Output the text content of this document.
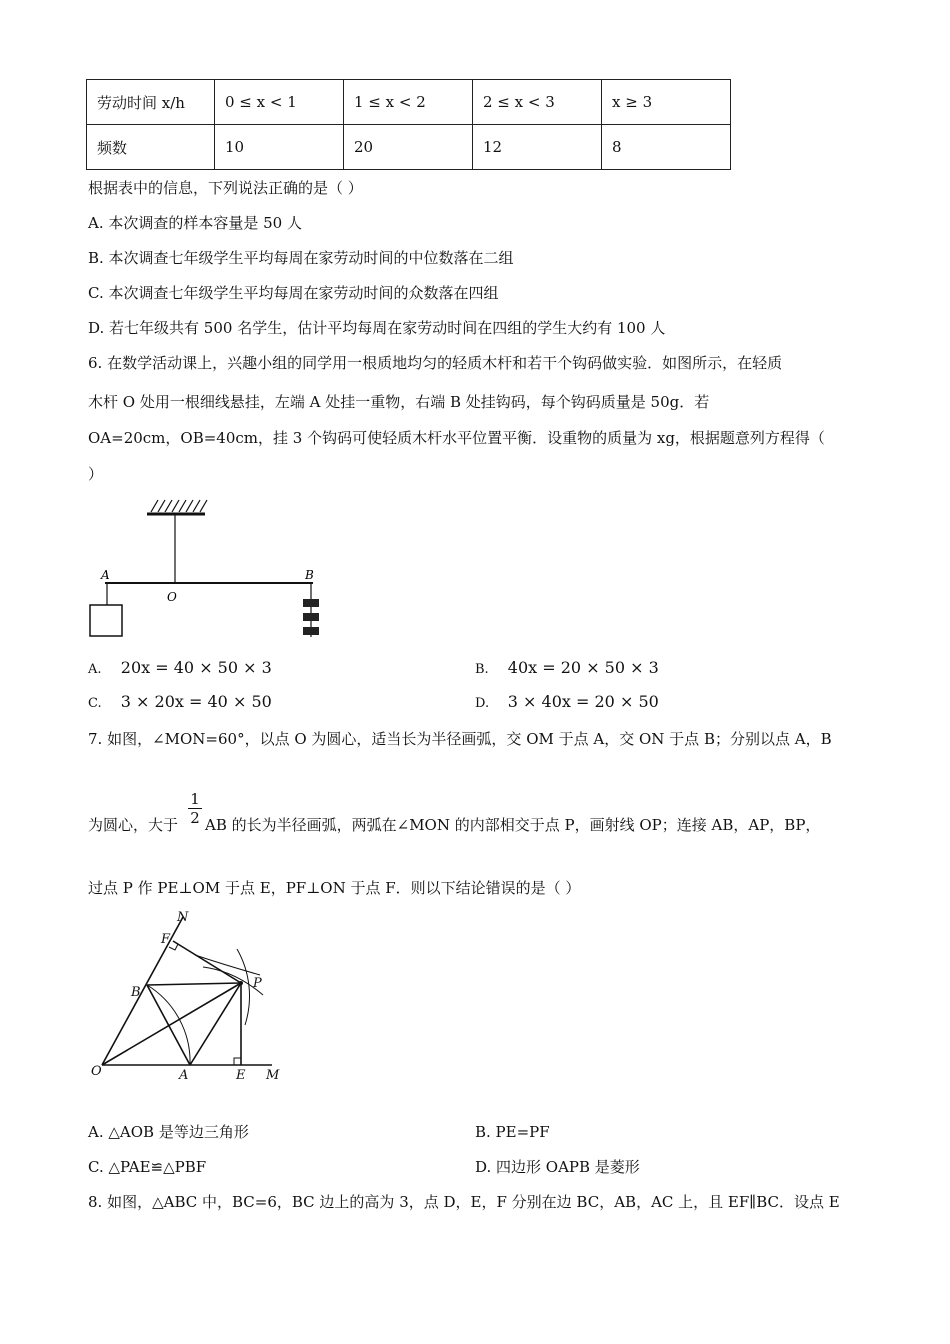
劳动时间 x/h	0 ≤ x < 1	1 ≤ x < 2	2 ≤ x < 3	x ≥ 3
频数	10	20	12	8
根据表中的信息，下列说法正确的是（ ）
A. 本次调查的样本容量是 50 人
B. 本次调查七年级学生平均每周在家劳动时间的中位数落在二组
C. 本次调查七年级学生平均每周在家劳动时间的众数落在四组
D. 若七年级共有 500 名学生，估计平均每周在家劳动时间在四组的学生大约有 100 人
6. 在数学活动课上，兴趣小组的同学用一根质地均匀的轻质木杆和若干个钩码做实验．如图所示，在轻质
木杆 O 处用一根细线悬挂，左端 A 处挂一重物，右端 B 处挂钩码，每个钩码质量是 50g．若
OA=20cm，OB=40cm，挂 3 个钩码可使轻质木杆水平位置平衡．设重物的质量为 xg，根据题意列方程得（
）
A
O
B
A. 20x = 40 × 50 × 3	B. 40x = 20 × 50 × 3
C. 3 × 20x = 40 × 50	D. 3 × 40x = 20 × 50
7. 如图，∠MON=60°，以点 O 为圆心，适当长为半径画弧，交 OM 于点 A，交 ON 于点 B；分别以点 A，B
$\frac{1}{2}$
为圆心，大于 AB 的长为半径画弧，两弧在∠MON 的内部相交于点 P，画射线 OP；连接 AB，AP，BP，
过点 P 作 PE⊥OM 于点 E，PF⊥ON 于点 F．则以下结论错误的是（ ）
N
F
B
P
O	A	E M
A. △AOB 是等边三角形	B. PE=PF
C. △PAE≌△PBF	D. 四边形 OAPB 是菱形
8. 如图，△ABC 中，BC=6，BC 边上的高为 3，点 D，E，F 分别在边 BC，AB，AC 上，且 EF∥BC．设点 E
